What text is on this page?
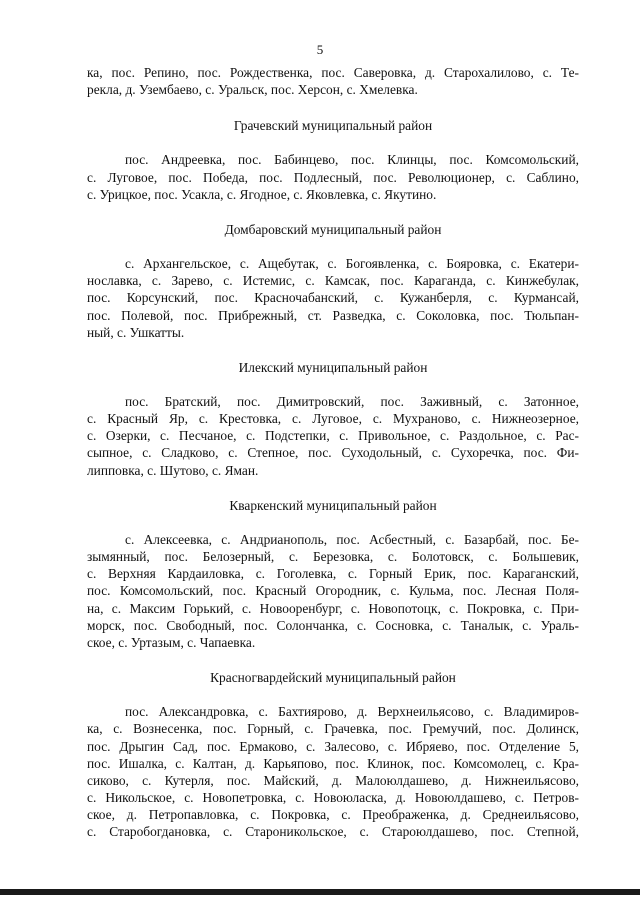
5
ка, пос. Репино, пос. Рождественка, пос. Саверовка, д. Старохалилово, с. Те-
рекла, д. Узембаево, с. Уральск, пос. Херсон, с. Хмелевка.
Грачевский муниципальный район
пос. Андреевка, пос. Бабинцево, пос. Клинцы, пос. Комсомольский,
с. Луговое, пос. Победа, пос. Подлесный, пос. Революционер, с. Саблино,
с. Урицкое, пос. Усакла, с. Ягодное, с. Яковлевка, с. Якутино.
Домбаровский муниципальный район
с. Архангельское, с. Ащебутак, с. Богоявленка, с. Бояровка, с. Екатери-
нославка, с. Зарево, с. Истемис, с. Камсак, пос. Караганда, с. Кинжебулак,
пос. Корсунский, пос. Красночабанский, с. Кужанберля, с. Курмансай,
пос. Полевой, пос. Прибрежный, ст. Разведка, с. Соколовка, пос. Тюльпан-
ный, с. Ушкатты.
Илекский муниципальный район
пос. Братский, пос. Димитровский, пос. Заживный, с. Затонное,
с. Красный Яр, с. Крестовка, с. Луговое, с. Мухраново, с. Нижнеозерное,
с. Озерки, с. Песчаное, с. Подстепки, с. Привольное, с. Раздольное, с. Рас-
сыпное, с. Сладково, с. Степное, пос. Суходольный, с. Сухоречка, пос. Фи-
липповка, с. Шутово, с. Яман.
Кваркенский муниципальный район
с. Алексеевка, с. Андрианополь, пос. Асбестный, с. Базарбай, пос. Бе-
зымянный, пос. Белозерный, с. Березовка, с. Болотовск, с. Большевик,
с. Верхняя Кардаиловка, с. Гоголевка, с. Горный Ерик, пос. Караганский,
пос. Комсомольский, пос. Красный Огородник, с. Кульма, пос. Лесная Поля-
на, с. Максим Горький, с. Новооренбург, с. Новопотоцк, с. Покровка, с. При-
морск, пос. Свободный, пос. Солончанка, с. Сосновка, с. Таналык, с. Ураль-
ское, с. Уртазым, с. Чапаевка.
Красногвардейский муниципальный район
пос. Александровка, с. Бахтиярово, д. Верхнеильясово, с. Владимиров-
ка, с. Вознесенка, пос. Горный, с. Грачевка, пос. Гремучий, пос. Долинск,
пос. Дрыгин Сад, пос. Ермаково, с. Залесово, с. Ибряево, пос. Отделение 5,
пос. Ишалка, с. Калтан, д. Карьяпово, пос. Клинок, пос. Комсомолец, с. Кра-
сиково, с. Кутерля, пос. Майский, д. Малоюлдашево, д. Нижнеильясово,
с. Никольское, с. Новопетровка, с. Новоюласка, д. Новоюлдашево, с. Петров-
ское, д. Петропавловка, с. Покровка, с. Преображенка, д. Среднеильясово,
с. Старобогдановка, с. Староникольское, с. Староюлдашево, пос. Степной,
